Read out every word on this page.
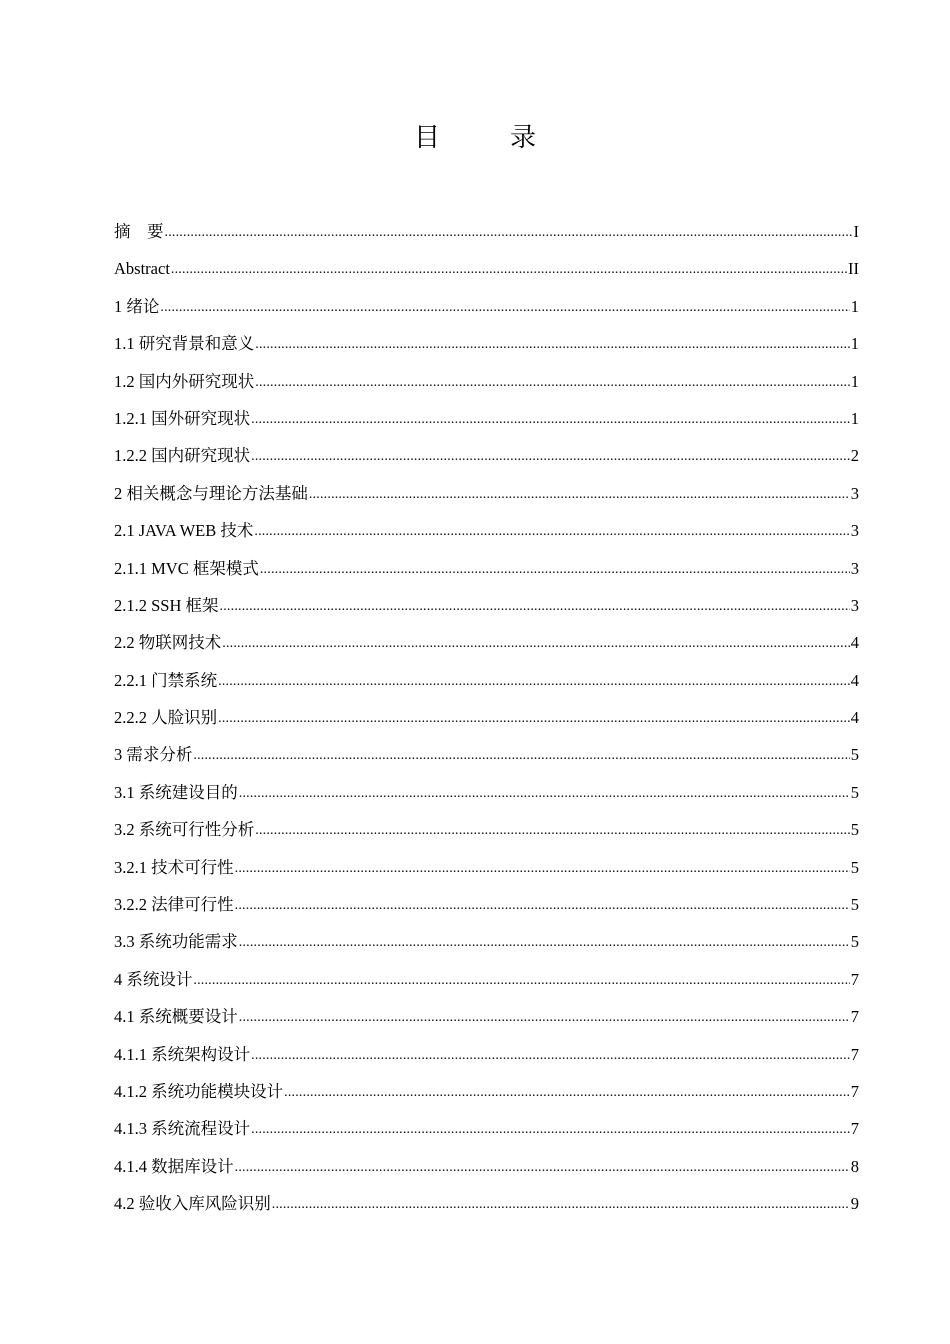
目　录
摘　要 .....	I
Abstract .....	II
1 绪论 .....	1
1.1 研究背景和意义 .....	1
1.2 国内外研究现状 .....	1
1.2.1 国外研究现状 .....	1
1.2.2 国内研究现状 .....	2
2 相关概念与理论方法基础 .....	3
2.1 JAVA WEB 技术 .....	3
2.1.1 MVC 框架模式 .....	3
2.1.2 SSH 框架 .....	3
2.2 物联网技术 .....	4
2.2.1 门禁系统 .....	4
2.2.2 人脸识别 .....	4
3 需求分析 .....	5
3.1 系统建设目的 .....	5
3.2 系统可行性分析 .....	5
3.2.1 技术可行性 .....	5
3.2.2 法律可行性 .....	5
3.3 系统功能需求 .....	5
4 系统设计 .....	7
4.1 系统概要设计 .....	7
4.1.1 系统架构设计 .....	7
4.1.2 系统功能模块设计 .....	7
4.1.3 系统流程设计 .....	7
4.1.4 数据库设计 .....	8
4.2 验收入库风险识别 .....	9
